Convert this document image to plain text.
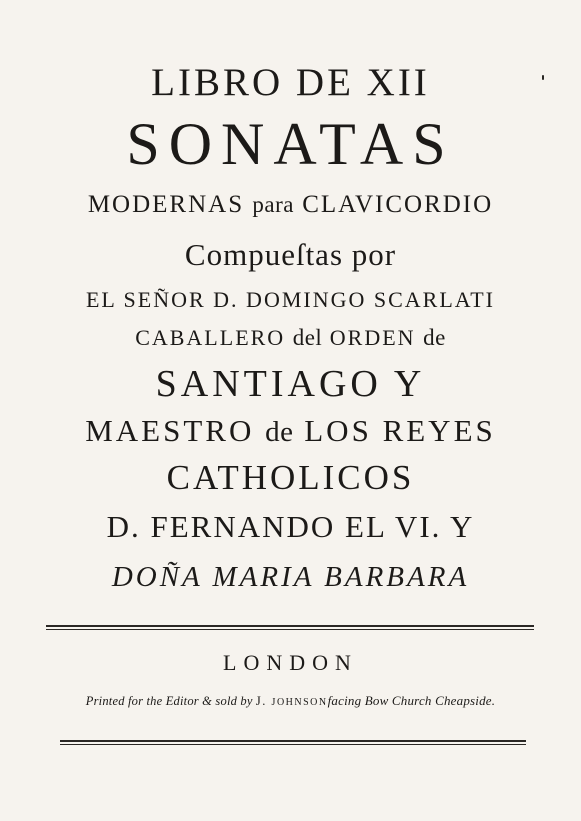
LIBRO DE XII
SONATAS
MODERNAS para CLAVICORDIO
Compueſtas por
EL SEÑOR D. DOMINGO SCARLATI
CABALLERO del ORDEN de
SANTIAGO Y
MAESTRO de LOS REYES
CATHOLICOS
D. FERNANDO EL VI. Y
DOÑA MARIA BARBARA
LONDON
Printed for the Editor & sold by J. JOHNSONfacing Bow Church Cheapside.
